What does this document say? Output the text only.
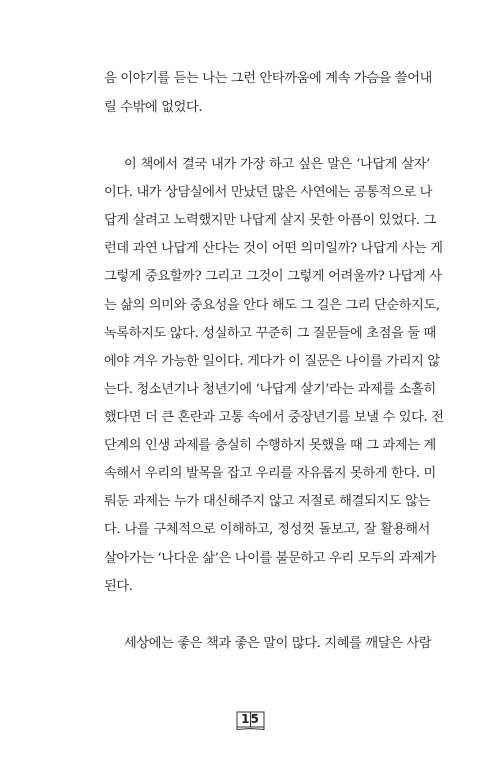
음 이야기를 듣는 나는 그런 안타까움에 계속 가슴을 쓸어내
릴 수밖에 없었다.
이 책에서 결국 내가 가장 하고 싶은 말은 ‘나답게 살자’
이다. 내가 상담실에서 만났던 많은 사연에는 공통적으로 나
답게 살려고 노력했지만 나답게 살지 못한 아픔이 있었다. 그
런데 과연 나답게 산다는 것이 어떤 의미일까? 나답게 사는 게
그렇게 중요할까? 그리고 그것이 그렇게 어려울까? 나답게 사
는 삶의 의미와 중요성을 안다 해도 그 길은 그리 단순하지도,
녹록하지도 않다. 성실하고 꾸준히 그 질문들에 초점을 둘 때
에야 겨우 가능한 일이다. 게다가 이 질문은 나이를 가리지 않
는다. 청소년기나 청년기에 ‘나답게 살기’라는 과제를 소홀히
했다면 더 큰 혼란과 고통 속에서 중장년기를 보낼 수 있다. 전
단계의 인생 과제를 충실히 수행하지 못했을 때 그 과제는 계
속해서 우리의 발목을 잡고 우리를 자유롭지 못하게 한다. 미
뤄둔 과제는 누가 대신해주지 않고 저절로 해결되지도 않는
다. 나를 구체적으로 이해하고, 정성껏 돌보고, 잘 활용해서
살아가는 ‘나다운 삶’은 나이를 불문하고 우리 모두의 과제가
된다.
세상에는 좋은 책과 좋은 말이 많다. 지혜를 깨달은 사람
15
